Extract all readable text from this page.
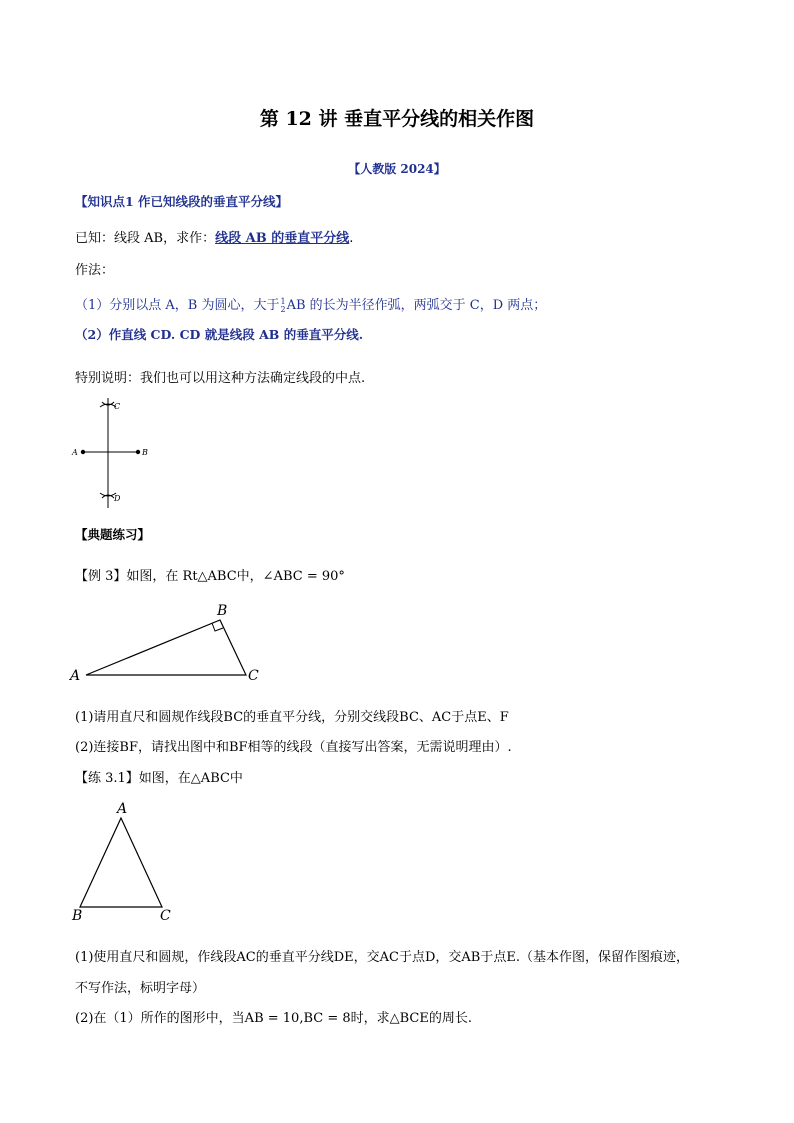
第 12 讲 垂直平分线的相关作图
【人教版 2024】
【知识点1 作已知线段的垂直平分线】
已知：线段 AB，求作：线段 AB 的垂直平分线.
作法：
（1）分别以点 A，B 为圆心，大于 1
2 AB 的长为半径作弧，两弧交于 C，D 两点；
（2）作直线 CD. CD 就是线段 AB 的垂直平分线.
特别说明：我们也可以用这种方法确定线段的中点.
A	B
C
D
【典题练习】
【例 3】如图，在 Rt△ABC中，∠ABC = 90°
A
B
C
(1)请用直尺和圆规作线段BC的垂直平分线，分别交线段BC、AC于点E、F
(2)连接BF，请找出图中和BF相等的线段（直接写出答案，无需说明理由）.
【练 3.1】如图，在△ABC中
A
B	C
(1)使用直尺和圆规，作线段AC的垂直平分线DE，交AC于点D，交AB于点E.（基本作图，保留作图痕迹，
不写作法，标明字母）
(2)在（1）所作的图形中，当AB = 10,BC = 8时，求△BCE的周长.
